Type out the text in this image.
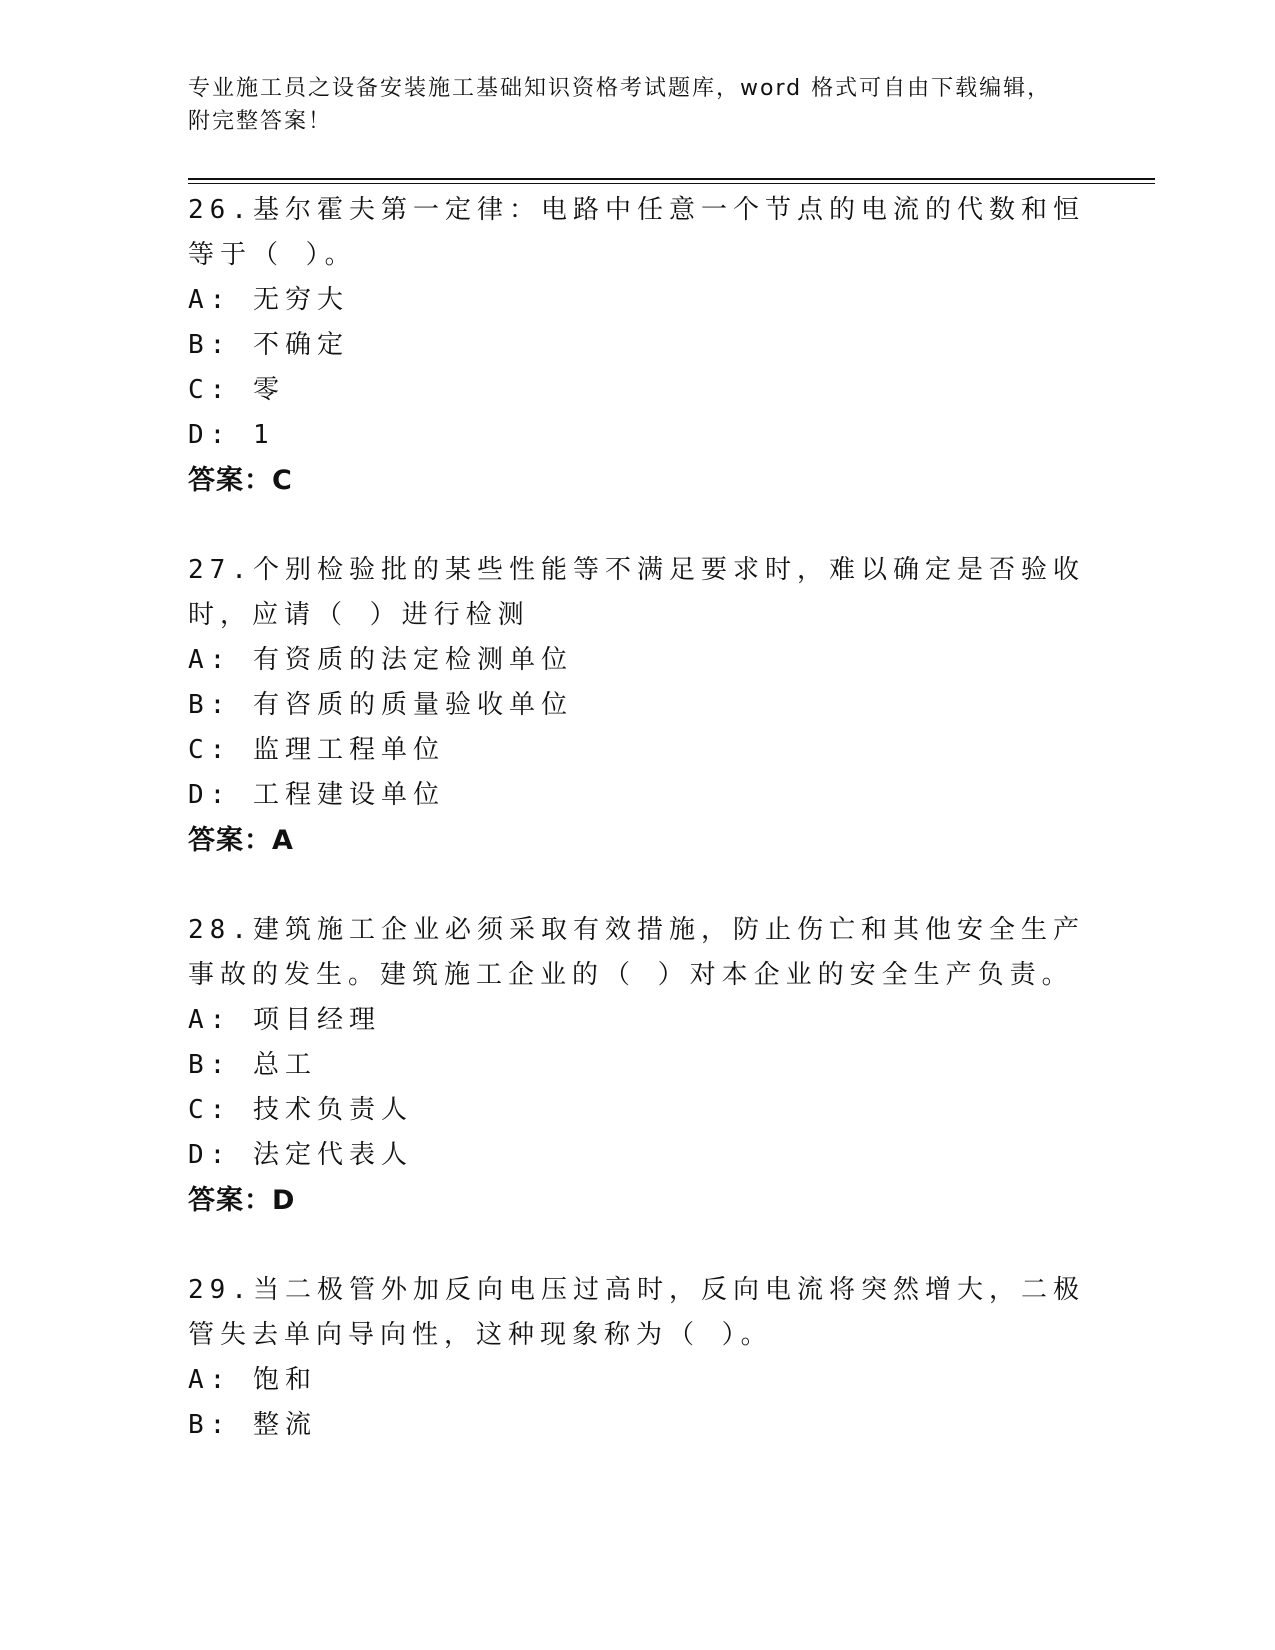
专业施工员之设备安装施工基础知识资格考试题库，word 格式可自由下载编辑，
附完整答案！

26.基尔霍夫第一定律：电路中任意一个节点的电流的代数和恒等于（ ）。

A: 无穷大

B: 不确定

C: 零

D: 1

答案：C

27.个别检验批的某些性能等不满足要求时，难以确定是否验收时，应请（ ）进行检测

A: 有资质的法定检测单位

B: 有咨质的质量验收单位

C: 监理工程单位

D: 工程建设单位

答案：A

28.建筑施工企业必须采取有效措施，防止伤亡和其他安全生产事故的发生。建筑施工企业的（ ）对本企业的安全生产负责。

A: 项目经理

B: 总工

C: 技术负责人

D: 法定代表人

答案：D

29.当二极管外加反向电压过高时，反向电流将突然增大，二极管失去单向导向性，这种现象称为（ ）。

A: 饱和

B: 整流
